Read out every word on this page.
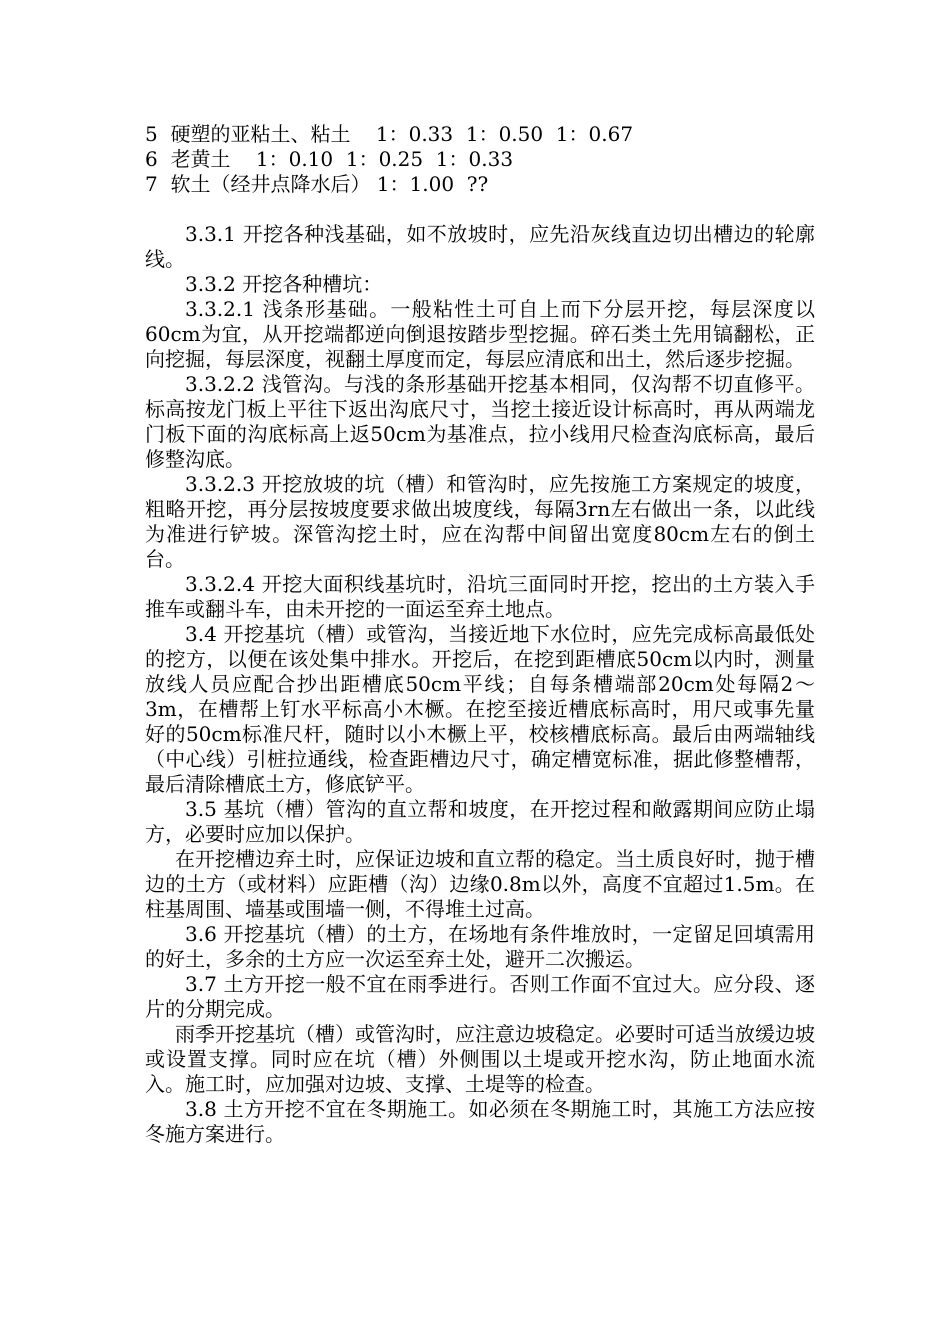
5  硬塑的亚粘土、粘土    1：0.33  1：0.50  1：0.67
6  老黄土    1：0.10  1：0.25  1：0.33
7  软土（经井点降水后） 1：1.00  ??

3.3.1 开挖各种浅基础，如不放坡时，应先沿灰线直边切出槽边的轮廓线。

3.3.2 开挖各种槽坑：

3.3.2.1 浅条形基础。一般粘性土可自上而下分层开挖，每层深度以60cm为宜，从开挖端都逆向倒退按踏步型挖掘。碎石类土先用镐翻松，正向挖掘，每层深度，视翻土厚度而定，每层应清底和出土，然后逐步挖掘。

3.3.2.2 浅管沟。与浅的条形基础开挖基本相同，仅沟帮不切直修平。标高按龙门板上平往下返出沟底尺寸，当挖土接近设计标高时，再从两端龙门板下面的沟底标高上返50cm为基准点，拉小线用尺检查沟底标高，最后修整沟底。

3.3.2.3 开挖放坡的坑（槽）和管沟时，应先按施工方案规定的坡度，粗略开挖，再分层按坡度要求做出坡度线，每隔3rn左右做出一条，以此线为准进行铲坡。深管沟挖土时，应在沟帮中间留出宽度80cm左右的倒土台。

3.3.2.4 开挖大面积线基坑时，沿坑三面同时开挖，挖出的土方装入手推车或翻斗车，由未开挖的一面运至弃土地点。

3.4 开挖基坑（槽）或管沟，当接近地下水位时，应先完成标高最低处的挖方，以便在该处集中排水。开挖后，在挖到距槽底50cm以内时，测量放线人员应配合抄出距槽底50cm平线；自每条槽端部20cm处每隔2～3m，在槽帮上钉水平标高小木橛。在挖至接近槽底标高时，用尺或事先量好的50cm标准尺杆，随时以小木橛上平，校核槽底标高。最后由两端轴线（中心线）引桩拉通线，检查距槽边尺寸，确定槽宽标准，据此修整槽帮，最后清除槽底土方，修底铲平。

3.5 基坑（槽）管沟的直立帮和坡度，在开挖过程和敞露期间应防止塌方，必要时应加以保护。

在开挖槽边弃土时，应保证边坡和直立帮的稳定。当土质良好时，抛于槽边的土方（或材料）应距槽（沟）边缘0.8m以外，高度不宜超过1.5m。在柱基周围、墙基或围墙一侧，不得堆土过高。

3.6 开挖基坑（槽）的土方，在场地有条件堆放时，一定留足回填需用的好土，多余的土方应一次运至弃土处，避开二次搬运。

3.7 土方开挖一般不宜在雨季进行。否则工作面不宜过大。应分段、逐片的分期完成。

雨季开挖基坑（槽）或管沟时，应注意边坡稳定。必要时可适当放缓边坡或设置支撑。同时应在坑（槽）外侧围以土堤或开挖水沟，防止地面水流入。施工时，应加强对边坡、支撑、土堤等的检查。

3.8 土方开挖不宜在冬期施工。如必须在冬期施工时，其施工方法应按冬施方案进行。
